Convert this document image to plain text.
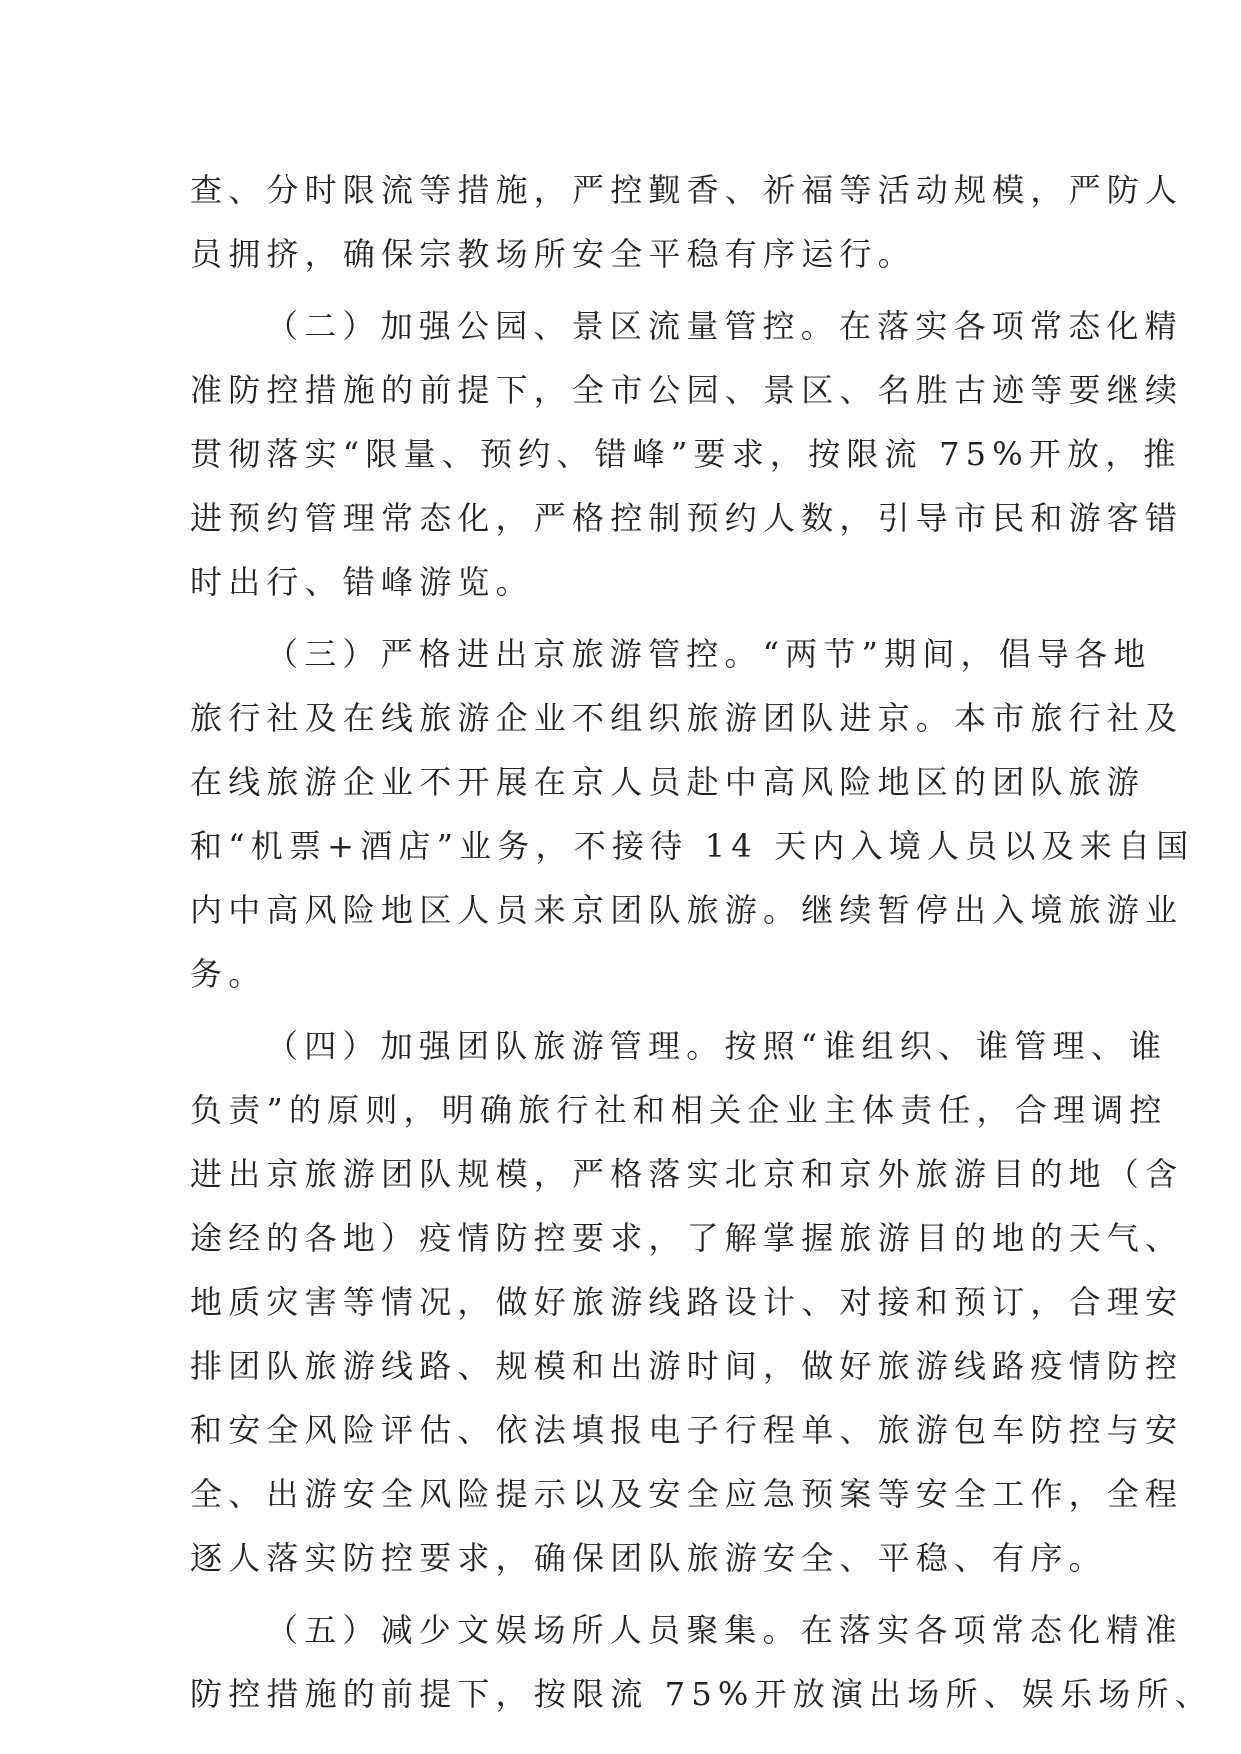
查、分时限流等措施，严控觐香、祈福等活动规模，严防人
员拥挤，确保宗教场所安全平稳有序运行。
（二）加强公园、景区流量管控。在落实各项常态化精
准防控措施的前提下，全市公园、景区、名胜古迹等要继续
贯彻落实“限量、预约、错峰”要求，按限流 75%开放，推
进预约管理常态化，严格控制预约人数，引导市民和游客错
时出行、错峰游览。
（三）严格进出京旅游管控。“两节”期间，倡导各地
旅行社及在线旅游企业不组织旅游团队进京。本市旅行社及
在线旅游企业不开展在京人员赴中高风险地区的团队旅游
和“机票+酒店”业务，不接待 14 天内入境人员以及来自国
内中高风险地区人员来京团队旅游。继续暂停出入境旅游业
务。
（四）加强团队旅游管理。按照“谁组织、谁管理、谁
负责”的原则，明确旅行社和相关企业主体责任，合理调控
进出京旅游团队规模，严格落实北京和京外旅游目的地（含
途经的各地）疫情防控要求，了解掌握旅游目的地的天气、
地质灾害等情况，做好旅游线路设计、对接和预订，合理安
排团队旅游线路、规模和出游时间，做好旅游线路疫情防控
和安全风险评估、依法填报电子行程单、旅游包车防控与安
全、出游安全风险提示以及安全应急预案等安全工作，全程
逐人落实防控要求，确保团队旅游安全、平稳、有序。
（五）减少文娱场所人员聚集。在落实各项常态化精准
防控措施的前提下，按限流 75%开放演出场所、娱乐场所、
